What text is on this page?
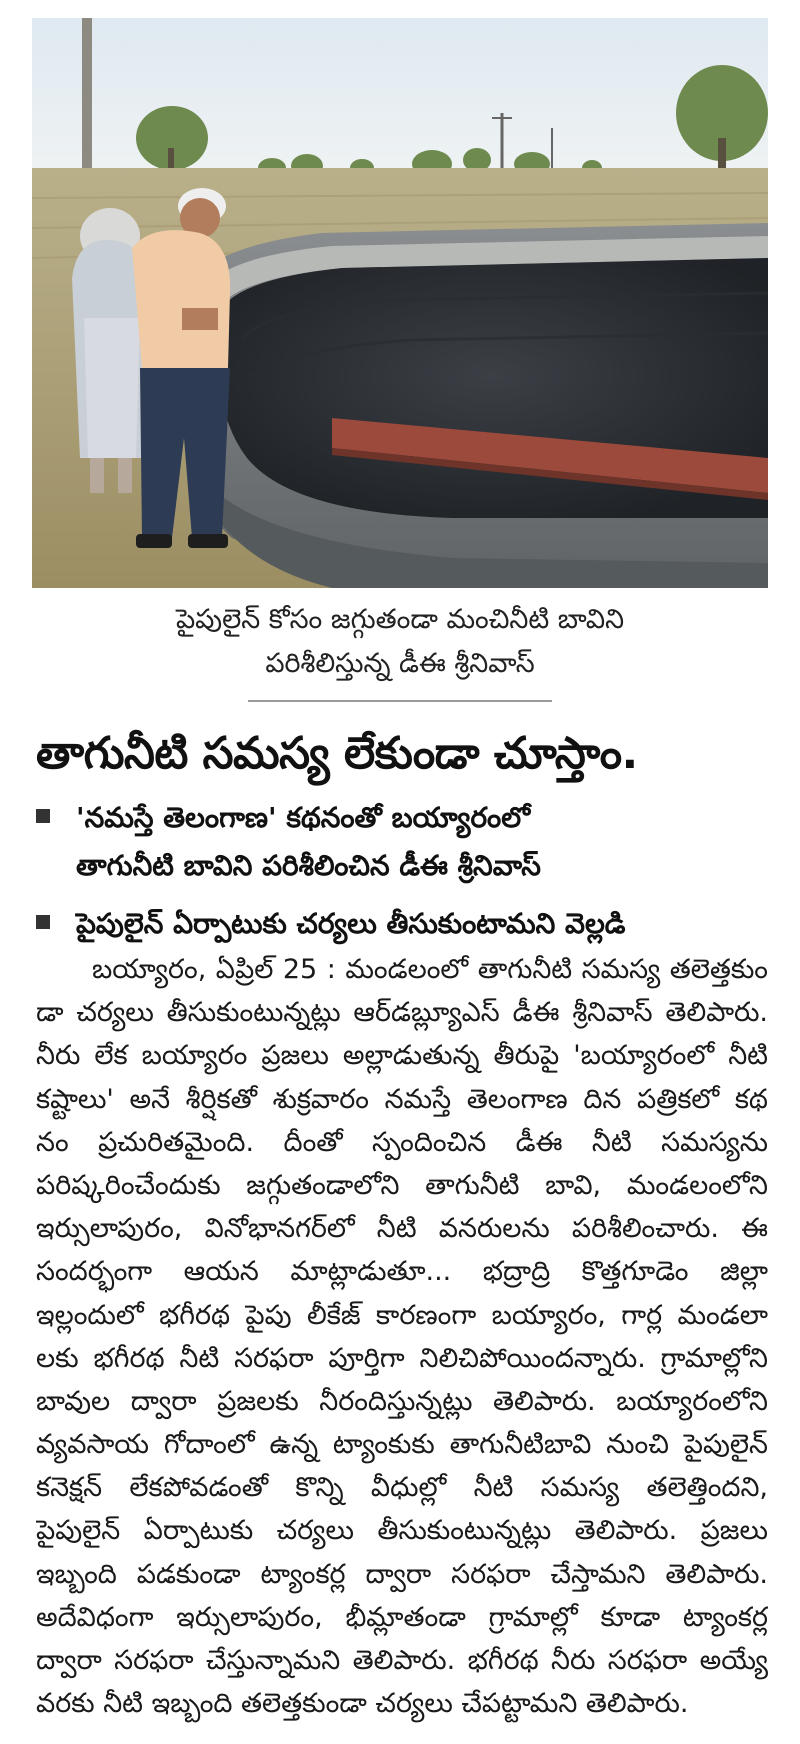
పైపులైన్ కోసం జగ్గుతండా మంచినీటి బావిని
పరిశీలిస్తున్న డీఈ శ్రీనివాస్
తాగునీటి సమస్య లేకుండా చూస్తాం.
'నమస్తే తెలంగాణ' కథనంతో బయ్యారంలో
తాగునీటి బావిని పరిశీలించిన డీఈ శ్రీనివాస్
పైపులైన్ ఏర్పాటుకు చర్యలు తీసుకుంటామని వెల్లడి
బయ్యారం, ఏప్రిల్ 25 : మండలంలో తాగునీటి సమస్య తలెత్తకుం
డా చర్యలు తీసుకుంటున్నట్లు ఆర్‌డబ్ల్యూఎస్ డీఈ శ్రీనివాస్ తెలిపారు.
నీరు లేక బయ్యారం ప్రజలు అల్లాడుతున్న తీరుపై 'బయ్యారంలో నీటి
కష్టాలు' అనే శీర్షికతో శుక్రవారం నమస్తే తెలంగాణ దిన పత్రికలో కథ
నం ప్రచురితమైంది. దీంతో స్పందించిన డీఈ నీటి సమస్యను
పరిష్కరించేందుకు జగ్గుతండాలోని తాగునీటి బావి, మండలంలోని
ఇర్సులాపురం, వినోభానగర్‌లో నీటి వనరులను పరిశీలించారు. ఈ
సందర్భంగా ఆయన మాట్లాడుతూ... భద్రాద్రి కొత్తగూడెం జిల్లా
ఇల్లందులో భగీరథ పైపు లీకేజ్ కారణంగా బయ్యారం, గార్ల మండలా
లకు భగీరథ నీటి సరఫరా పూర్తిగా నిలిచిపోయిందన్నారు. గ్రామాల్లోని
బావుల ద్వారా ప్రజలకు నీరందిస్తున్నట్లు తెలిపారు. బయ్యారంలోని
వ్యవసాయ గోదాంలో ఉన్న ట్యాంకుకు తాగునీటిబావి నుంచి పైపులైన్
కనెక్షన్ లేకపోవడంతో కొన్ని వీధుల్లో నీటి సమస్య తలెత్తిందని,
పైపులైన్ ఏర్పాటుకు చర్యలు తీసుకుంటున్నట్లు తెలిపారు. ప్రజలు
ఇబ్బంది పడకుండా ట్యాంకర్ల ద్వారా సరఫరా చేస్తామని తెలిపారు.
అదేవిధంగా ఇర్సులాపురం, భీమ్లాతండా గ్రామాల్లో కూడా ట్యాంకర్ల
ద్వారా సరఫరా చేస్తున్నామని తెలిపారు. భగీరథ నీరు సరఫరా అయ్యే
వరకు నీటి ఇబ్బంది తలెత్తకుండా చర్యలు చేపట్టామని తెలిపారు.
